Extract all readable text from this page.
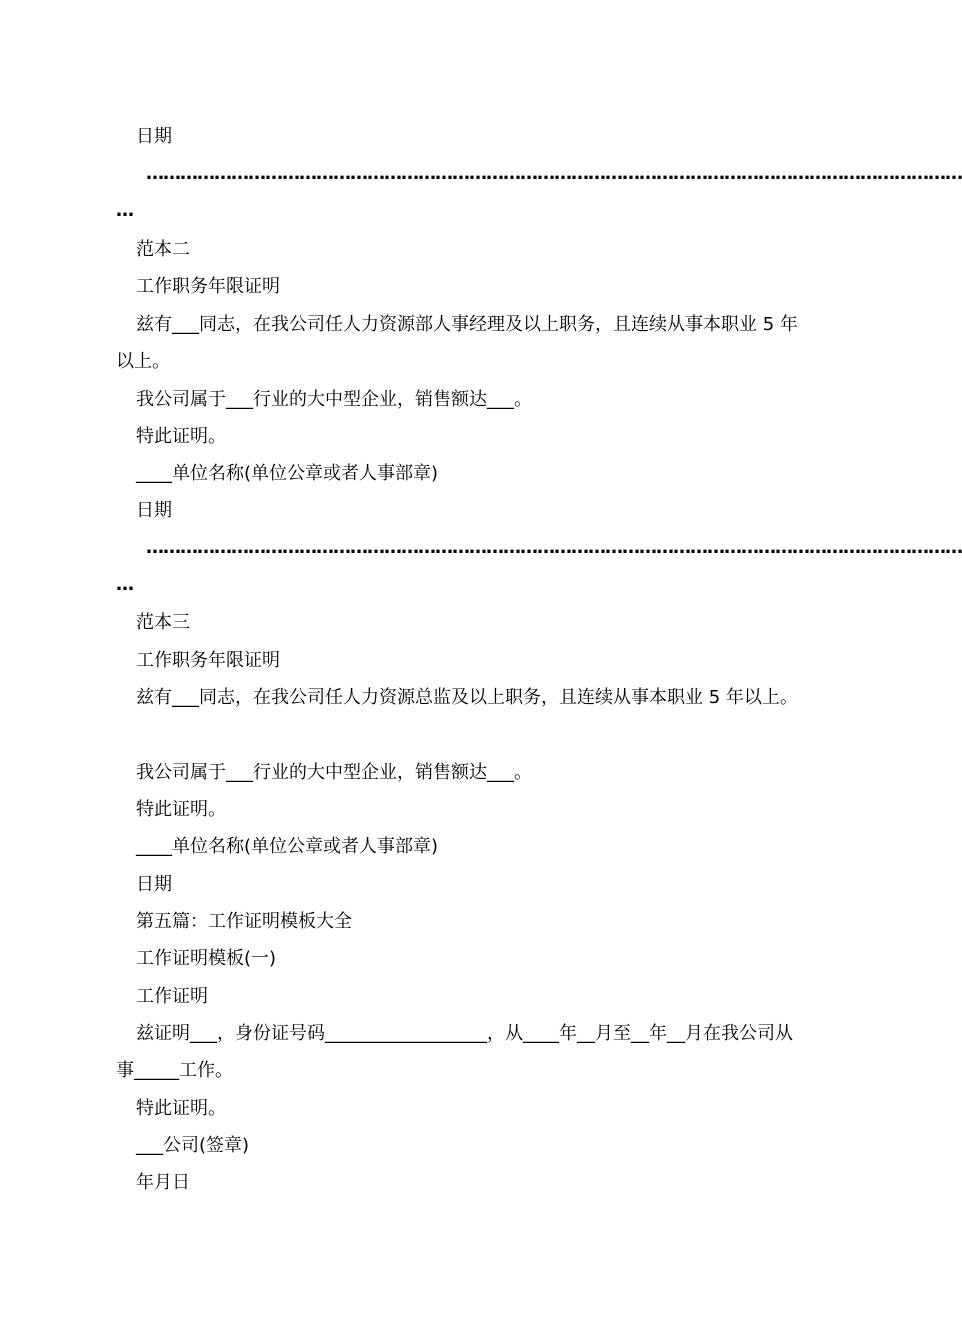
日期

………………………………………………………………………………………………………………………………
…

范本二

工作职务年限证明

兹有___同志，在我公司任人力资源部人事经理及以上职务，且连续从事本职业 5 年

以上。

我公司属于___行业的大中型企业，销售额达___。

特此证明。

____单位名称(单位公章或者人事部章)

日期

………………………………………………………………………………………………………………………………
…

范本三

工作职务年限证明

兹有___同志，在我公司任人力资源总监及以上职务，且连续从事本职业 5 年以上。

我公司属于___行业的大中型企业，销售额达___。

特此证明。

____单位名称(单位公章或者人事部章)

日期

第五篇：工作证明模板大全

工作证明模板(一)

工作证明

兹证明___，身份证号码__________________，从____年__月至__年__月在我公司从

事_____工作。

特此证明。

___公司(签章)

年月日
